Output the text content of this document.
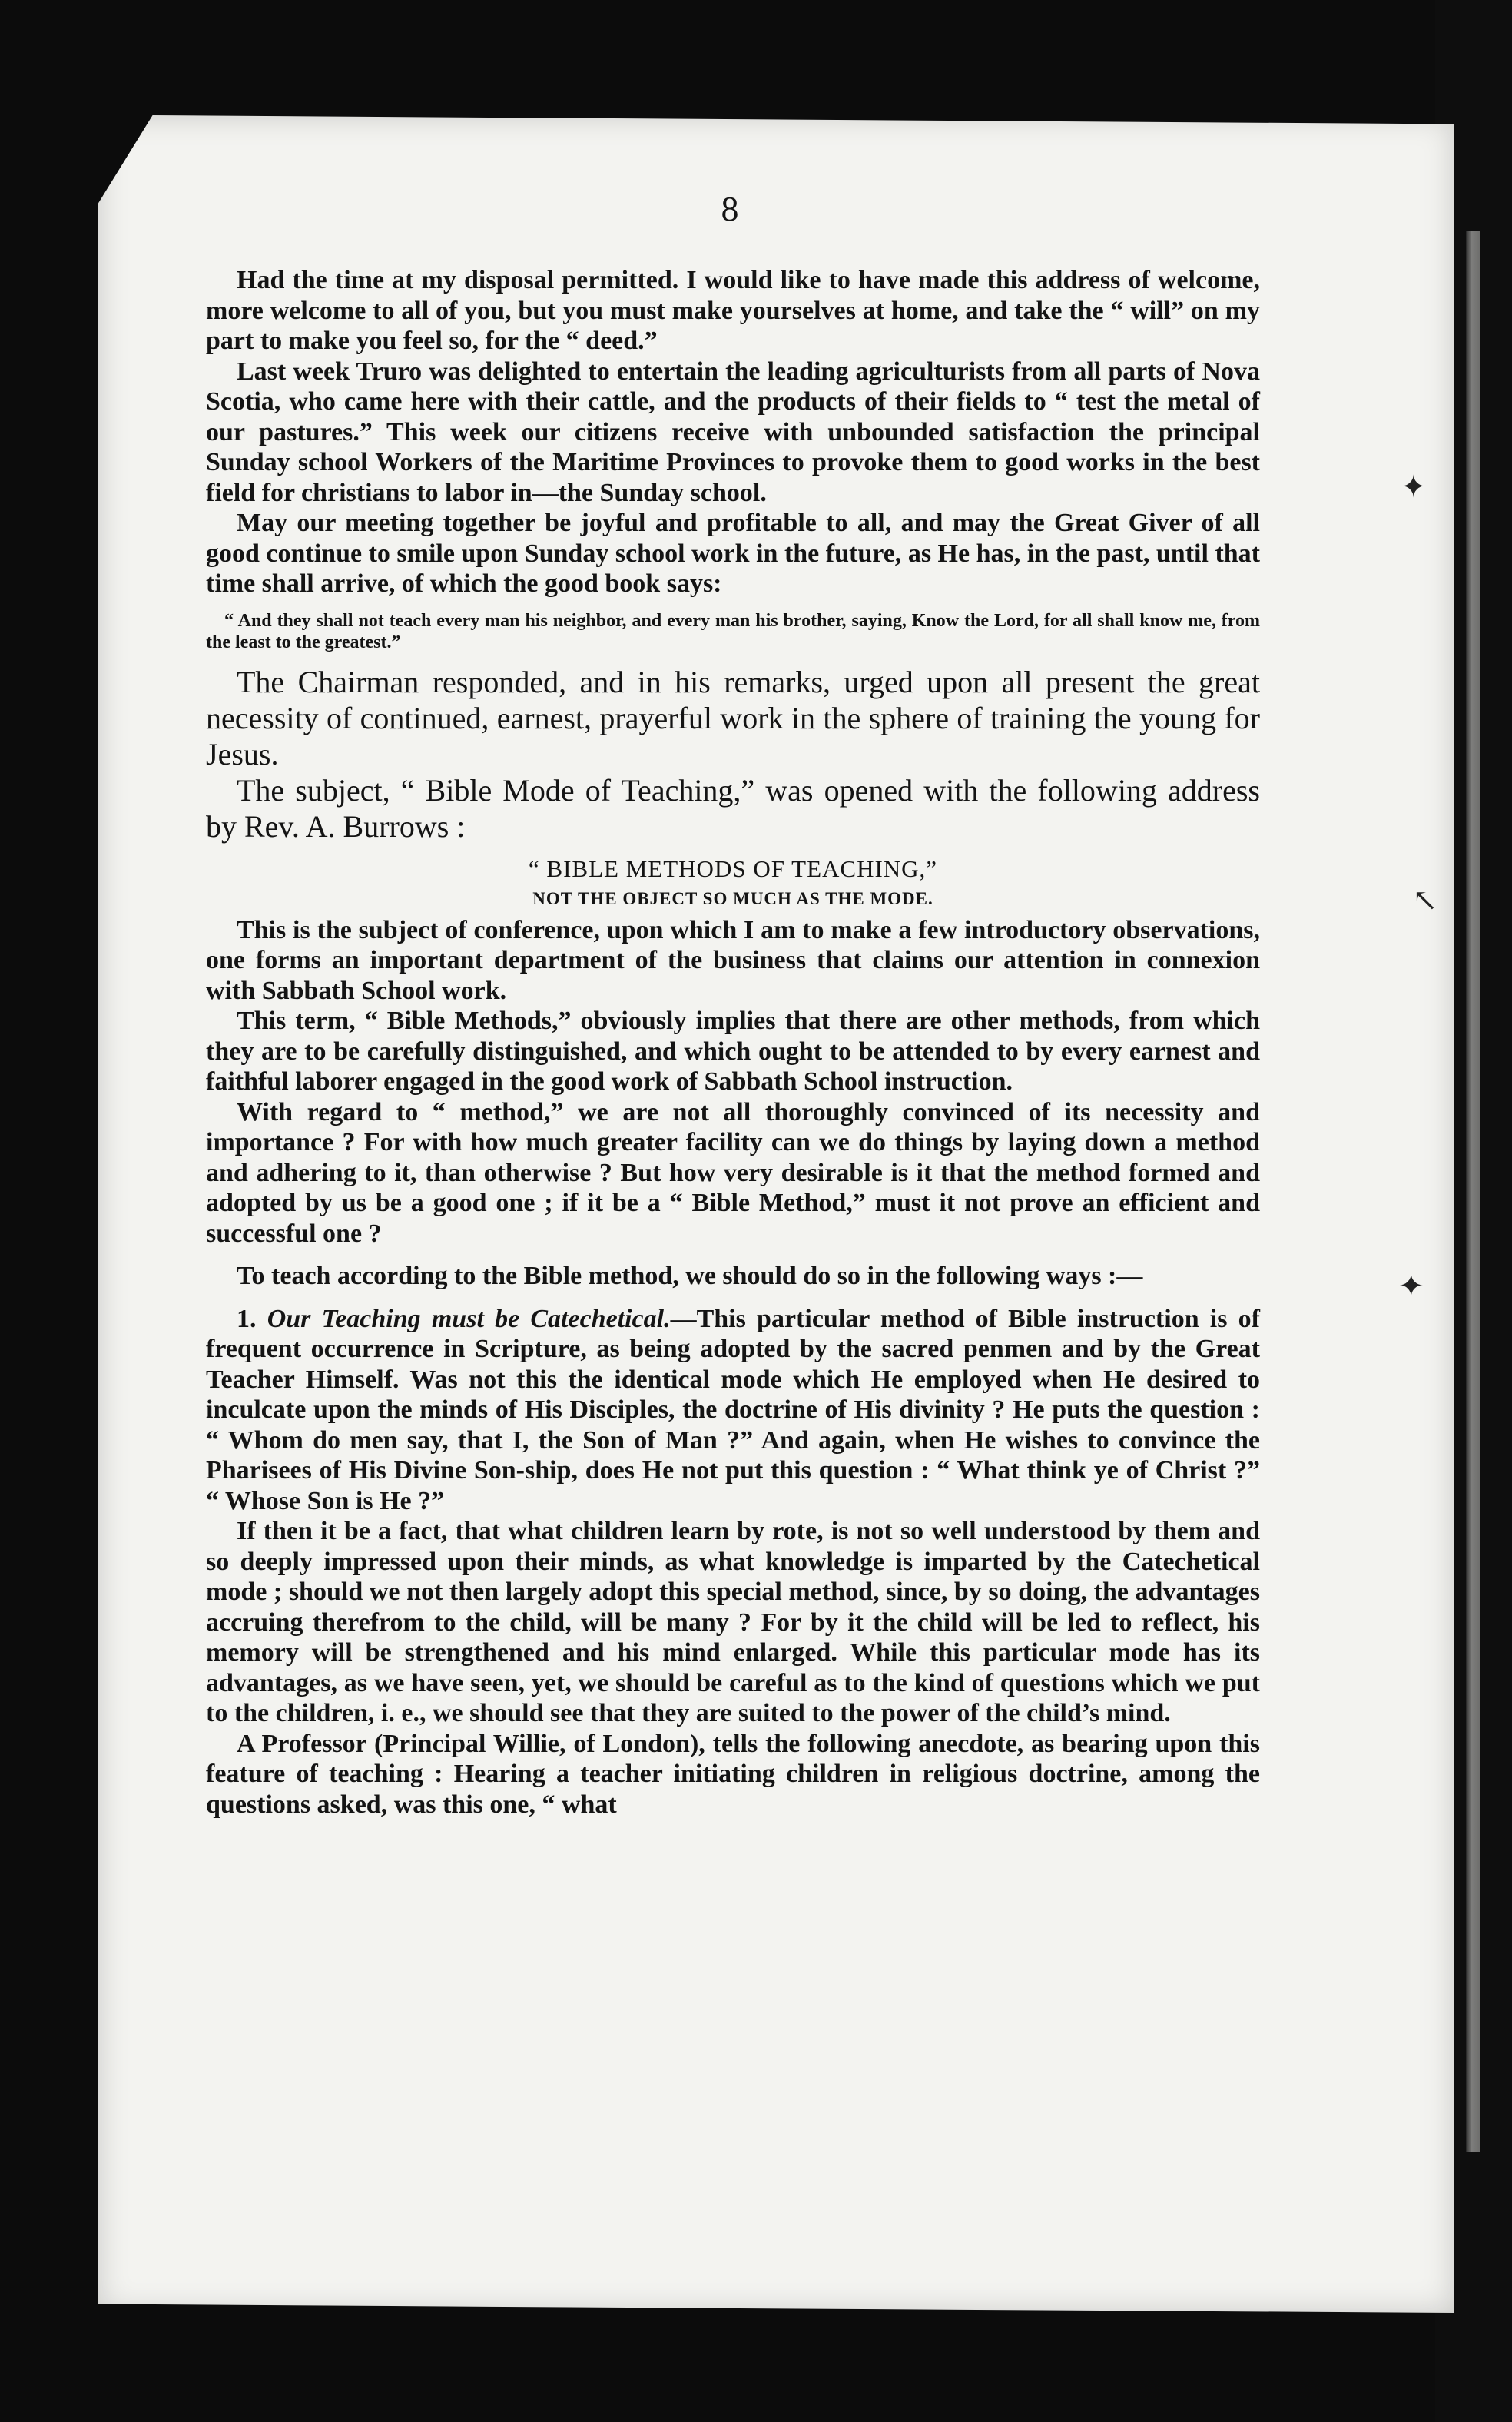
✦
↖
✦
8

Had the time at my disposal permitted. I would like to have made this address of welcome, more welcome to all of you, but you must make yourselves at home, and take the “ will” on my part to make you feel so, for the “ deed.”

Last week Truro was delighted to entertain the leading agriculturists from all parts of Nova Scotia, who came here with their cattle, and the products of their fields to “ test the metal of our pastures.” This week our citizens receive with unbounded satisfaction the principal Sunday school Workers of the Maritime Provinces to provoke them to good works in the best field for christians to labor in—the Sunday school.

May our meeting together be joyful and profitable to all, and may the Great Giver of all good continue to smile upon Sunday school work in the future, as He has, in the past, until that time shall arrive, of which the good book says:

“ And they shall not teach every man his neighbor, and every man his brother, saying, Know the Lord, for all shall know me, from the least to the greatest.”

The Chairman responded, and in his remarks, urged upon all present the great necessity of continued, earnest, prayerful work in the sphere of training the young for Jesus.

The subject, “ Bible Mode of Teaching,” was opened with the following address by Rev. A. Burrows :

“ BIBLE METHODS OF TEACHING,”

NOT THE OBJECT SO MUCH AS THE MODE.

This is the subject of conference, upon which I am to make a few introductory observations, one forms an important department of the business that claims our attention in connexion with Sabbath School work.

This term, “ Bible Methods,” obviously implies that there are other methods, from which they are to be carefully distinguished, and which ought to be attended to by every earnest and faithful laborer engaged in the good work of Sabbath School instruction.

With regard to “ method,” we are not all thoroughly convinced of its necessity and importance ? For with how much greater facility can we do things by laying down a method and adhering to it, than otherwise ? But how very desirable is it that the method formed and adopted by us be a good one ; if it be a “ Bible Method,” must it not prove an efficient and successful one ?

To teach according to the Bible method, we should do so in the following ways :—

1. Our Teaching must be Catechetical.—This particular method of Bible instruction is of frequent occurrence in Scripture, as being adopted by the sacred penmen and by the Great Teacher Himself. Was not this the identical mode which He employed when He desired to inculcate upon the minds of His Disciples, the doctrine of His divinity ? He puts the question : “ Whom do men say, that I, the Son of Man ?” And again, when He wishes to convince the Pharisees of His Divine Son-ship, does He not put this question : “ What think ye of Christ ?” “ Whose Son is He ?”

If then it be a fact, that what children learn by rote, is not so well understood by them and so deeply impressed upon their minds, as what knowledge is imparted by the Catechetical mode ; should we not then largely adopt this special method, since, by so doing, the advantages accruing therefrom to the child, will be many ? For by it the child will be led to reflect, his memory will be strengthened and his mind enlarged. While this particular mode has its advantages, as we have seen, yet, we should be careful as to the kind of questions which we put to the children, i. e., we should see that they are suited to the power of the child’s mind.

A Professor (Principal Willie, of London), tells the following anecdote, as bearing upon this feature of teaching : Hearing a teacher initiating children in religious doctrine, among the questions asked, was this one, “ what
